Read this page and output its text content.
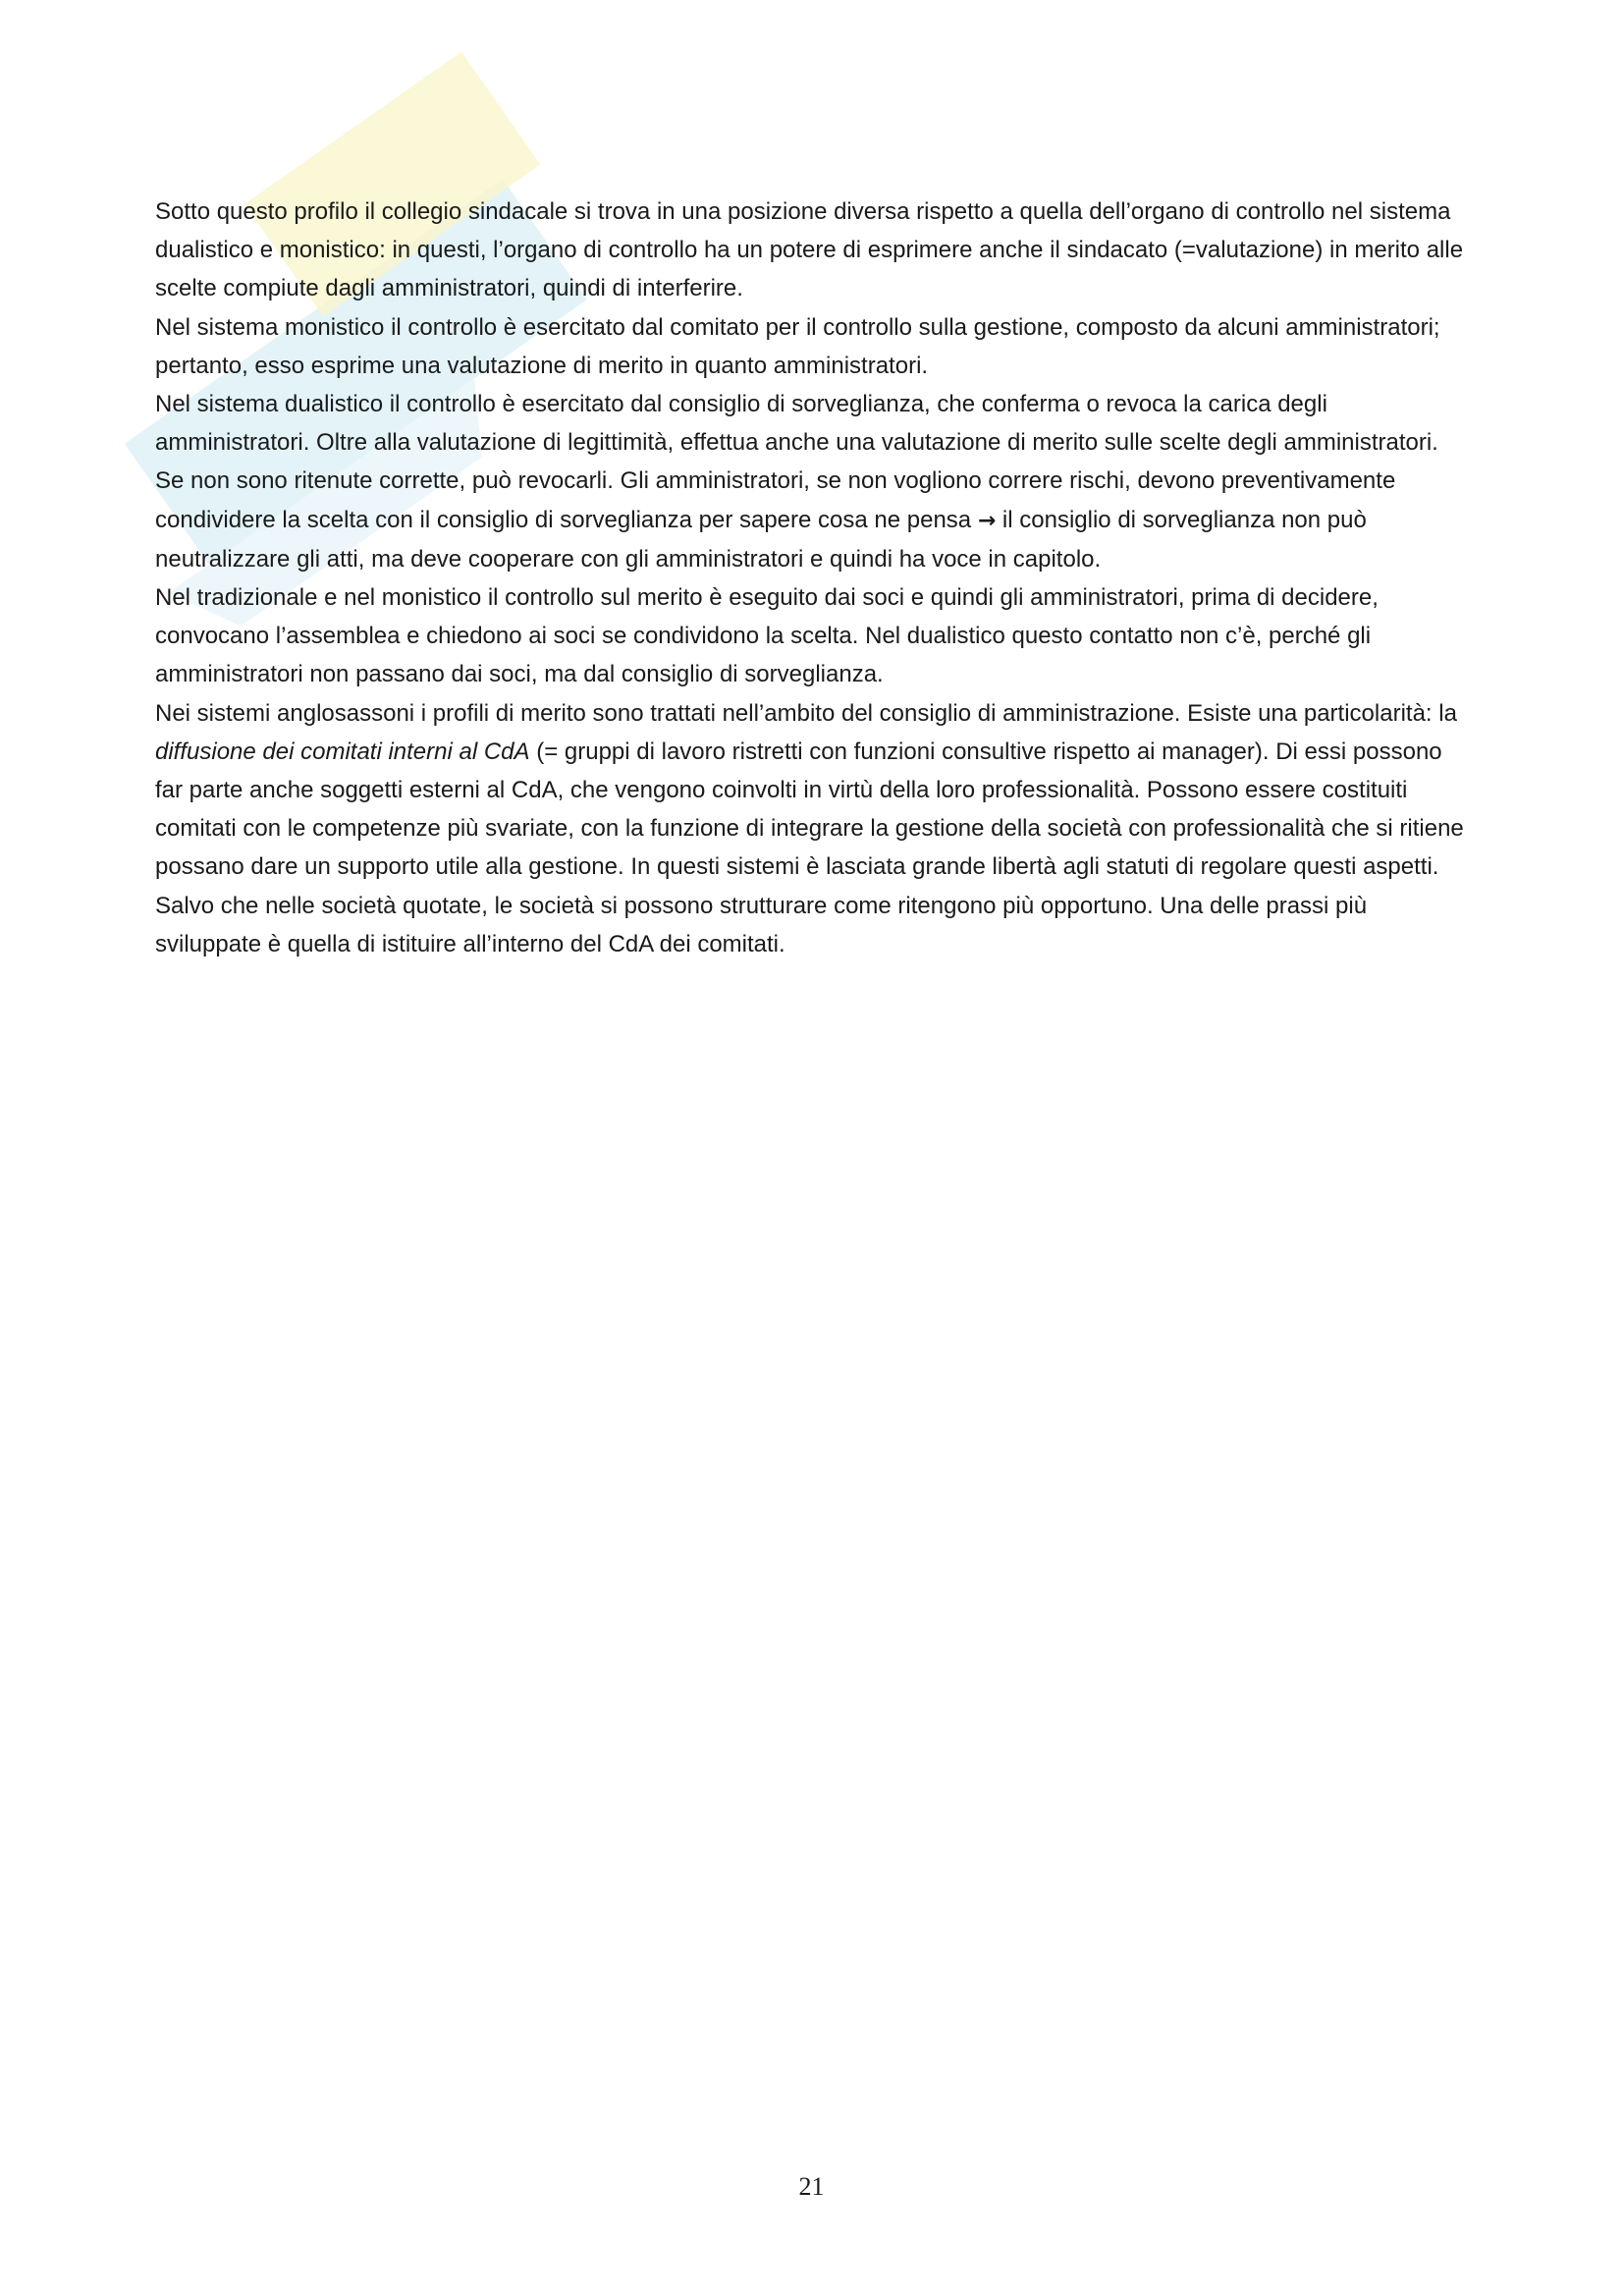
Sotto questo profilo il collegio sindacale si trova in una posizione diversa rispetto a quella dell’organo di controllo nel sistema dualistico e monistico: in questi, l’organo di controllo ha un potere di esprimere anche il sindacato (=valutazione) in merito alle scelte compiute dagli amministratori, quindi di interferire.

Nel sistema monistico il controllo è esercitato dal comitato per il controllo sulla gestione, composto da alcuni amministratori; pertanto, esso esprime una valutazione di merito in quanto amministratori.

Nel sistema dualistico il controllo è esercitato dal consiglio di sorveglianza, che conferma o revoca la carica degli amministratori. Oltre alla valutazione di legittimità, effettua anche una valutazione di merito sulle scelte degli amministratori. Se non sono ritenute corrette, può revocarli. Gli amministratori, se non vogliono correre rischi, devono preventivamente condividere la scelta con il consiglio di sorveglianza per sapere cosa ne pensa → il consiglio di sorveglianza non può neutralizzare gli atti, ma deve cooperare con gli amministratori e quindi ha voce in capitolo.

Nel tradizionale e nel monistico il controllo sul merito è eseguito dai soci e quindi gli amministratori, prima di decidere, convocano l’assemblea e chiedono ai soci se condividono la scelta. Nel dualistico questo contatto non c’è, perché gli amministratori non passano dai soci, ma dal consiglio di sorveglianza.

Nei sistemi anglosassoni i profili di merito sono trattati nell’ambito del consiglio di amministrazione. Esiste una particolarità: la diffusione dei comitati interni al CdA (= gruppi di lavoro ristretti con funzioni consultive rispetto ai manager). Di essi possono far parte anche soggetti esterni al CdA, che vengono coinvolti in virtù della loro professionalità. Possono essere costituiti comitati con le competenze più svariate, con la funzione di integrare la gestione della società con professionalità che si ritiene possano dare un supporto utile alla gestione. In questi sistemi è lasciata grande libertà agli statuti di regolare questi aspetti. Salvo che nelle società quotate, le società si possono strutturare come ritengono più opportuno. Una delle prassi più sviluppate è quella di istituire all’interno del CdA dei comitati.

21
